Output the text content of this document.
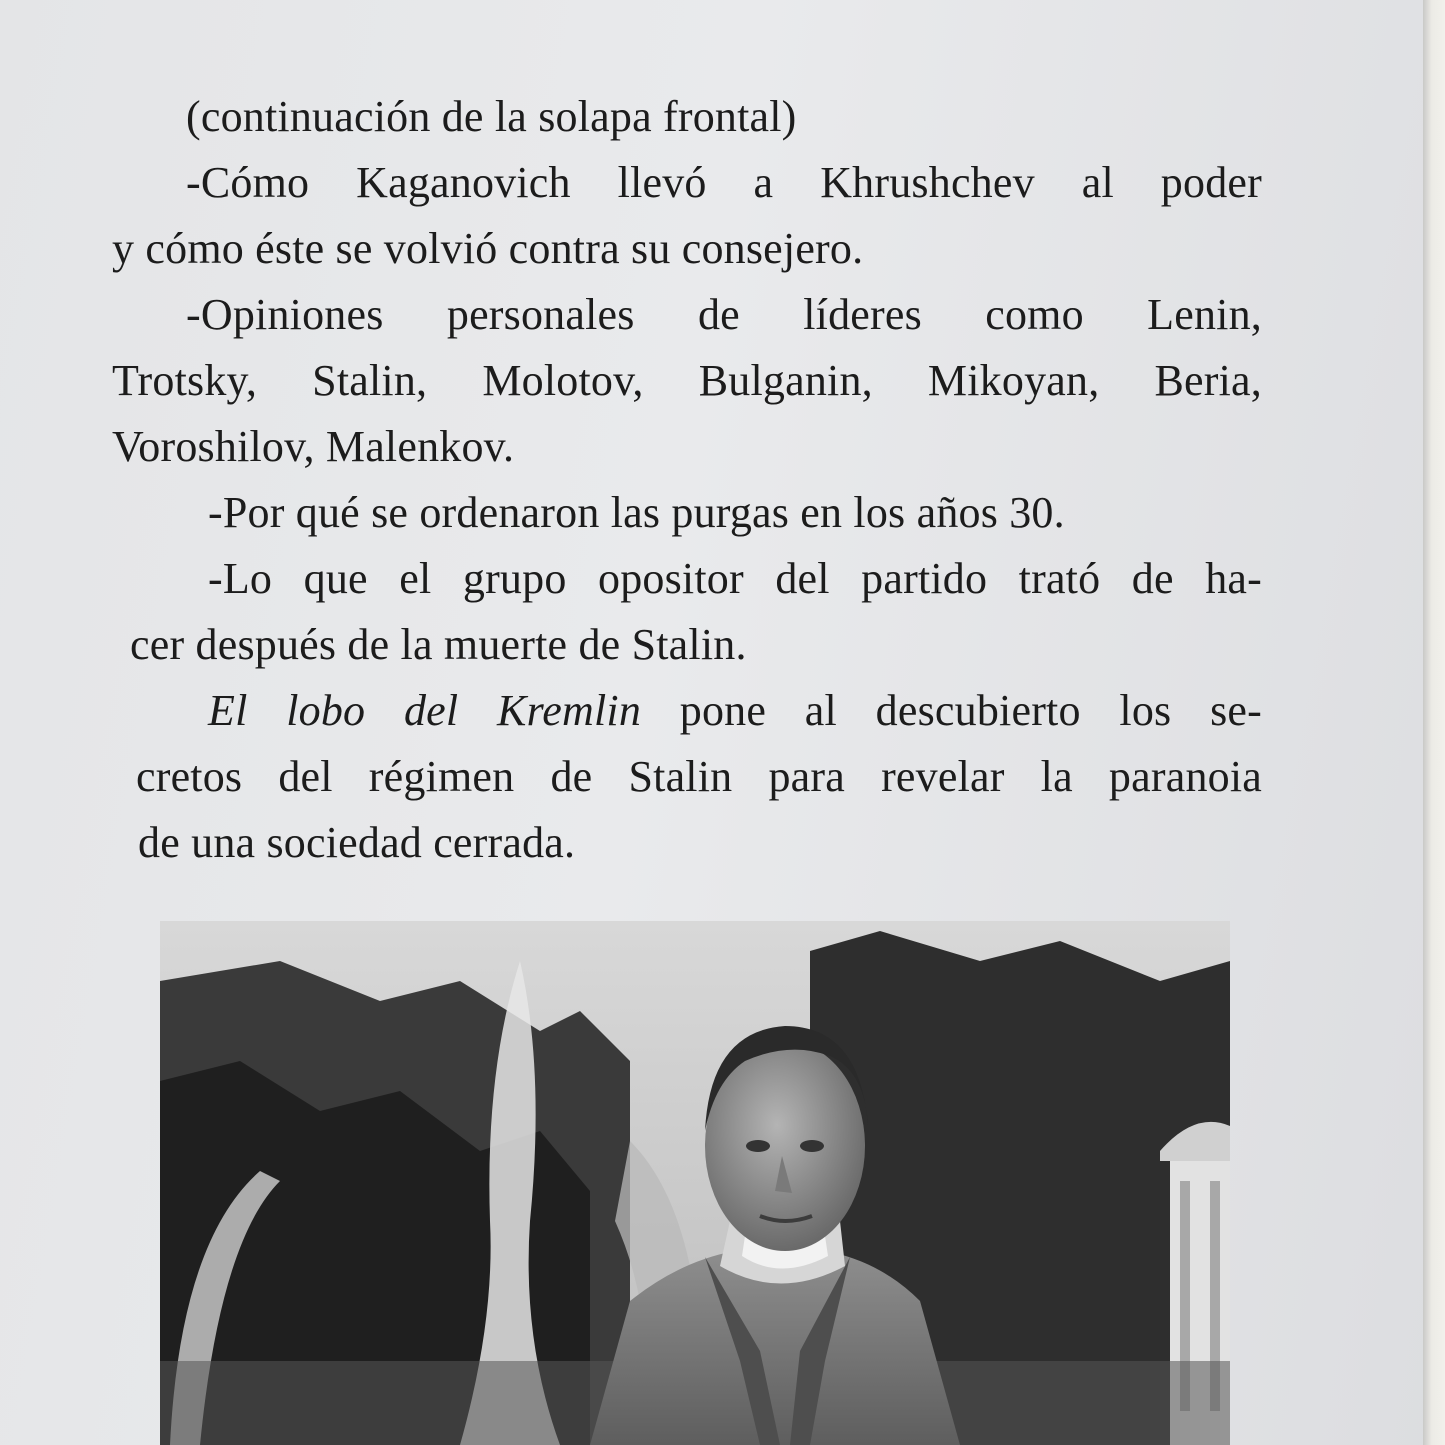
(continuación de la solapa frontal)
-Cómo Kaganovich llevó a Khrushchev al poder
y cómo éste se volvió contra su consejero.
-Opiniones personales de líderes como Lenin,
Trotsky, Stalin, Molotov, Bulganin, Mikoyan, Beria,
Voroshilov, Malenkov.
-Por qué se ordenaron las purgas en los años 30.
-Lo que el grupo opositor del partido trató de ha-
cer después de la muerte de Stalin.
El lobo del Kremlin pone al descubierto los se-
cretos del régimen de Stalin para revelar la paranoia
de una sociedad cerrada.
